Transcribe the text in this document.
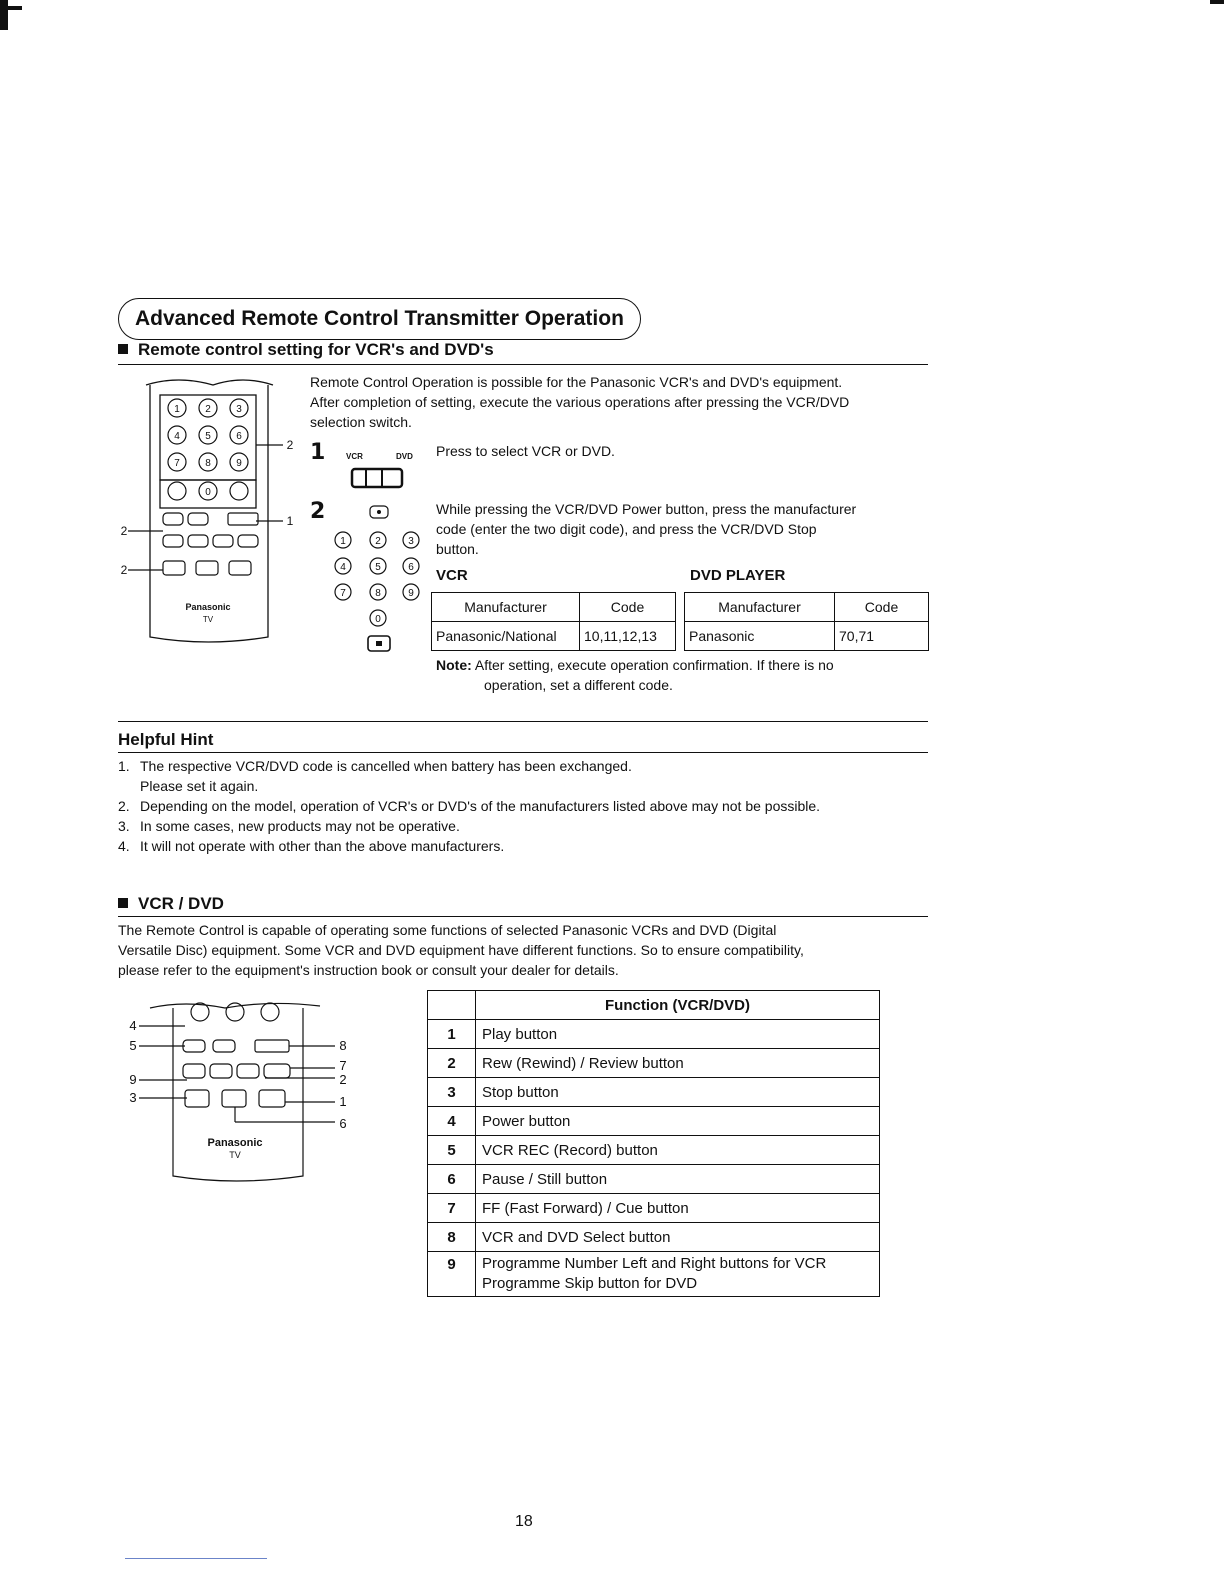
Advanced Remote Control Transmitter Operation
Remote control setting for VCR's and DVD's
1	2	3
4	5	6
7	8	9
0
Panasonic
TV
2
1
2
2
Remote Control Operation is possible for the Panasonic VCR's and DVD's equipment.
After completion of setting, execute the various operations after pressing the VCR/DVD
selection switch.
1	VCR	DVD Press to select VCR or DVD.
2
1	2	3
4	5	6
7	8	9
0
While pressing the VCR/DVD Power button, press the manufacturer
code (enter the two digit code), and press the VCR/DVD Stop
button.
VCR
Manufacturer	Code
Panasonic/National	10,11,12,13
DVD PLAYER
Manufacturer	Code
Panasonic	70,71
Note: After setting, execute operation confirmation. If there is no
operation, set a different code.
Helpful Hint
1. The respective VCR/DVD code is cancelled when battery has been exchanged.
Please set it again.
2. Depending on the model, operation of VCR's or DVD's of the manufacturers listed above may not be possible.
3. In some cases, new products may not be operative.
4. It will not operate with other than the above manufacturers.
VCR / DVD
The Remote Control is capable of operating some functions of selected Panasonic VCRs and DVD (Digital
Versatile Disc) equipment. Some VCR and DVD equipment have different functions. So to ensure compatibility,
please refer to the equipment's instruction book or consult your dealer for details.
4
5
9
3
8
7
2
1
6
Panasonic
TV
	Function (VCR/DVD)
1	Play button
2	Rew (Rewind) / Review button
3	Stop button
4	Power button
5	VCR REC (Record) button
6	Pause / Still button
7	FF (Fast Forward) / Cue button
8	VCR and DVD Select button
9	Programme Number Left and Right buttons for VCR
Programme Skip button for DVD
18
